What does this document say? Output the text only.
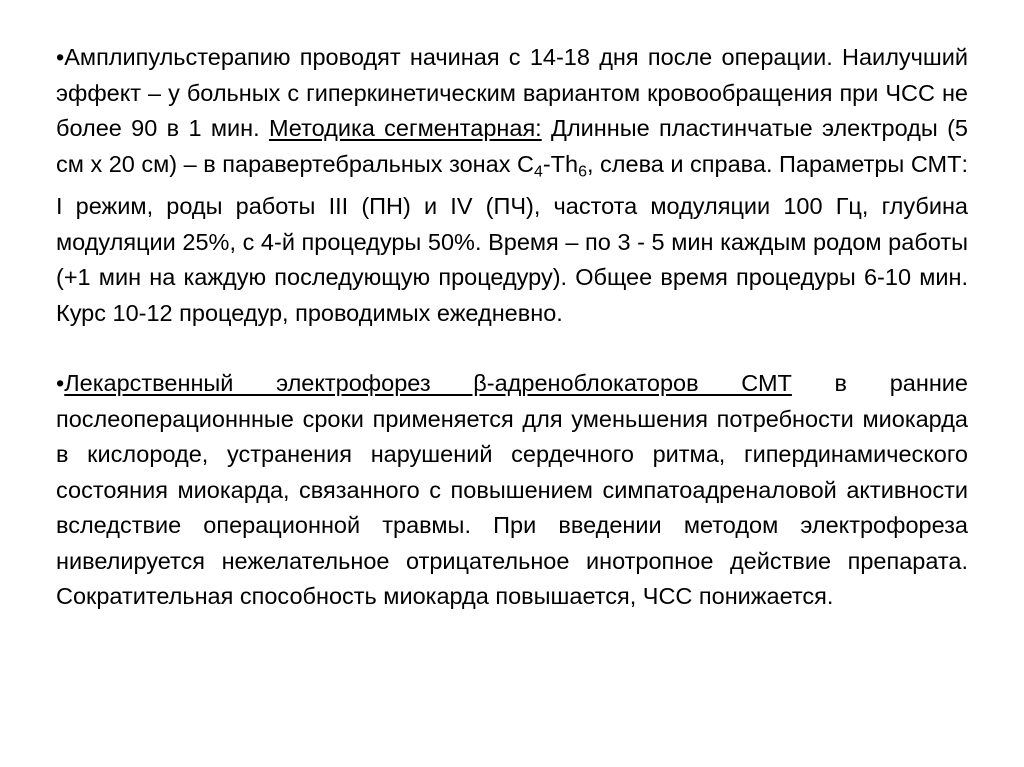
•Амплипульстерапию проводят начиная с 14-18 дня после операции. Наилучший эффект – у больных с гиперкинетическим вариантом кровообращения при ЧСС не более 90 в 1 мин. Методика сегментарная: Длинные пластинчатые электроды (5 см х 20 см) – в паравертебральных зонах $С_4-Th_6$, слева и справа. Параметры СМТ: I режим, роды работы III (ПН) и IV (ПЧ), частота модуляции 100 Гц, глубина модуляции 25%, с 4-й процедуры 50%. Время – по 3 - 5 мин каждым родом работы (+1 мин на каждую последующую процедуру). Общее время процедуры 6-10 мин. Курс 10-12 процедур, проводимых ежедневно.

•Лекарственный электрофорез β-адреноблокаторов СМТ в ранние послеоперационнные сроки применяется для уменьшения потребности миокарда в кислороде, устранения нарушений сердечного ритма, гипердинамического состояния миокарда, связанного с повышением симпатоадреналовой активности вследствие операционной травмы. При введении методом электрофореза нивелируется нежелательное отрицательное инотропное действие препарата. Сократительная способность миокарда повышается, ЧСС понижается.
